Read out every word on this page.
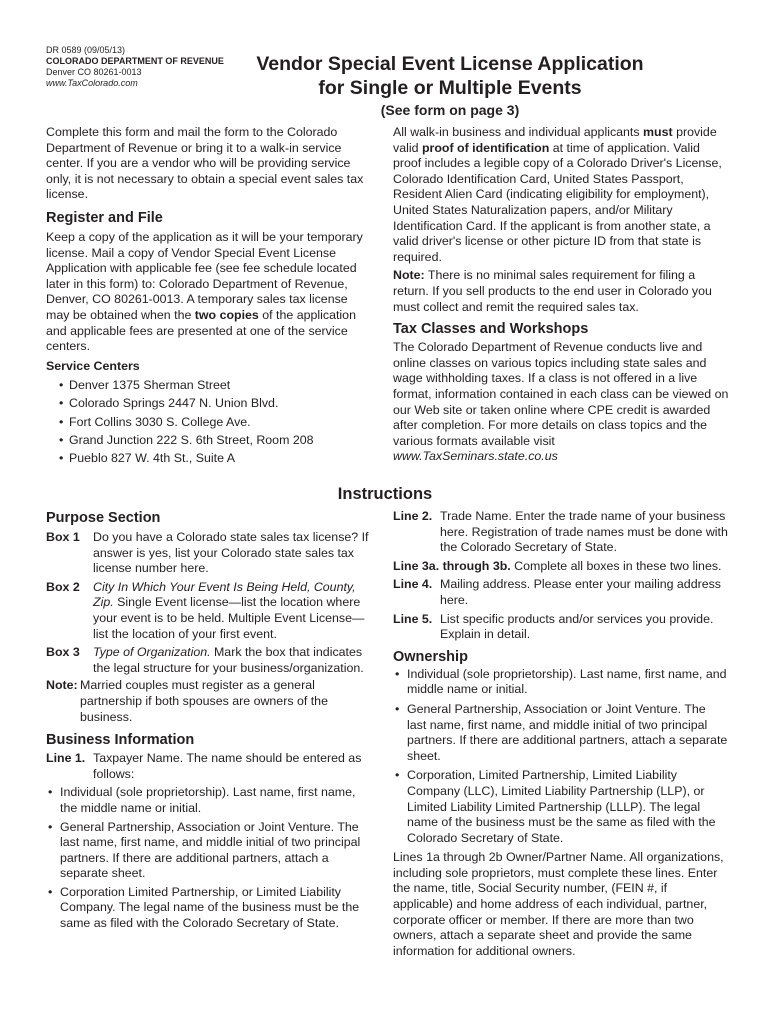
DR 0589 (09/05/13)
COLORADO DEPARTMENT OF REVENUE
Denver CO 80261-0013
www.TaxColorado.com
Vendor Special Event License Application
for Single or Multiple Events
(See form on page 3)

Complete this form and mail the form to the Colorado Department of Revenue or bring it to a walk-in service center. If you are a vendor who will be providing service only, it is not necessary to obtain a special event sales tax license.

Register and File

Keep a copy of the application as it will be your temporary license. Mail a copy of Vendor Special Event License Application with applicable fee (see fee schedule located later in this form) to: Colorado Department of Revenue, Denver, CO 80261-0013. A temporary sales tax license may be obtained when the two copies of the application and applicable fees are presented at one of the service centers.

Service Centers
• Denver 1375 Sherman Street
• Colorado Springs 2447 N. Union Blvd.
• Fort Collins 3030 S. College Ave.
• Grand Junction 222 S. 6th Street, Room 208
• Pueblo 827 W. 4th St., Suite A

All walk-in business and individual applicants must provide valid proof of identification at time of application. Valid proof includes a legible copy of a Colorado Driver's License, Colorado Identification Card, United States Passport, Resident Alien Card (indicating eligibility for employment), United States Naturalization papers, and/or Military Identification Card. If the applicant is from another state, a valid driver's license or other picture ID from that state is required.

Note: There is no minimal sales requirement for filing a return. If you sell products to the end user in Colorado you must collect and remit the required sales tax.

Tax Classes and Workshops

The Colorado Department of Revenue conducts live and online classes on various topics including state sales and wage withholding taxes. If a class is not offered in a live format, information contained in each class can be viewed on our Web site or taken online where CPE credit is awarded after completion. For more details on class topics and the various formats available visit

www.TaxSeminars.state.co.us

Instructions
Purpose Section
Box 1 Do you have a Colorado state sales tax license? If answer is yes, list your Colorado state sales tax license number here.
Box 2 City In Which Your Event Is Being Held, County, Zip. Single Event license—list the location where your event is to be held. Multiple Event License—list the location of your first event.
Box 3 Type of Organization. Mark the box that indicates the legal structure for your business/organization.
Note: Married couples must register as a general partnership if both spouses are owners of the business.
Business Information
Line 1. Taxpayer Name. The name should be entered as follows:
• Individual (sole proprietorship). Last name, first name, the middle name or initial.
• General Partnership, Association or Joint Venture. The last name, first name, and middle initial of two principal partners. If there are additional partners, attach a separate sheet.
• Corporation Limited Partnership, or Limited Liability Company. The legal name of the business must be the same as filed with the Colorado Secretary of State.
Line 2. Trade Name. Enter the trade name of your business here. Registration of trade names must be done with the Colorado Secretary of State.

Line 3a. through 3b. Complete all boxes in these two lines.

Line 4. Mailing address. Please enter your mailing address here.
Line 5. List specific products and/or services you provide. Explain in detail.
Ownership
• Individual (sole proprietorship). Last name, first name, and middle name or initial.
• General Partnership, Association or Joint Venture. The last name, first name, and middle initial of two principal partners. If there are additional partners, attach a separate sheet.
• Corporation, Limited Partnership, Limited Liability Company (LLC), Limited Liability Partnership (LLP), or Limited Liability Limited Partnership (LLLP). The legal name of the business must be the same as filed with the Colorado Secretary of State.

Lines 1a through 2b Owner/Partner Name. All organizations, including sole proprietors, must complete these lines. Enter the name, title, Social Security number, (FEIN #, if applicable) and home address of each individual, partner, corporate officer or member. If there are more than two owners, attach a separate sheet and provide the same information for additional owners.
